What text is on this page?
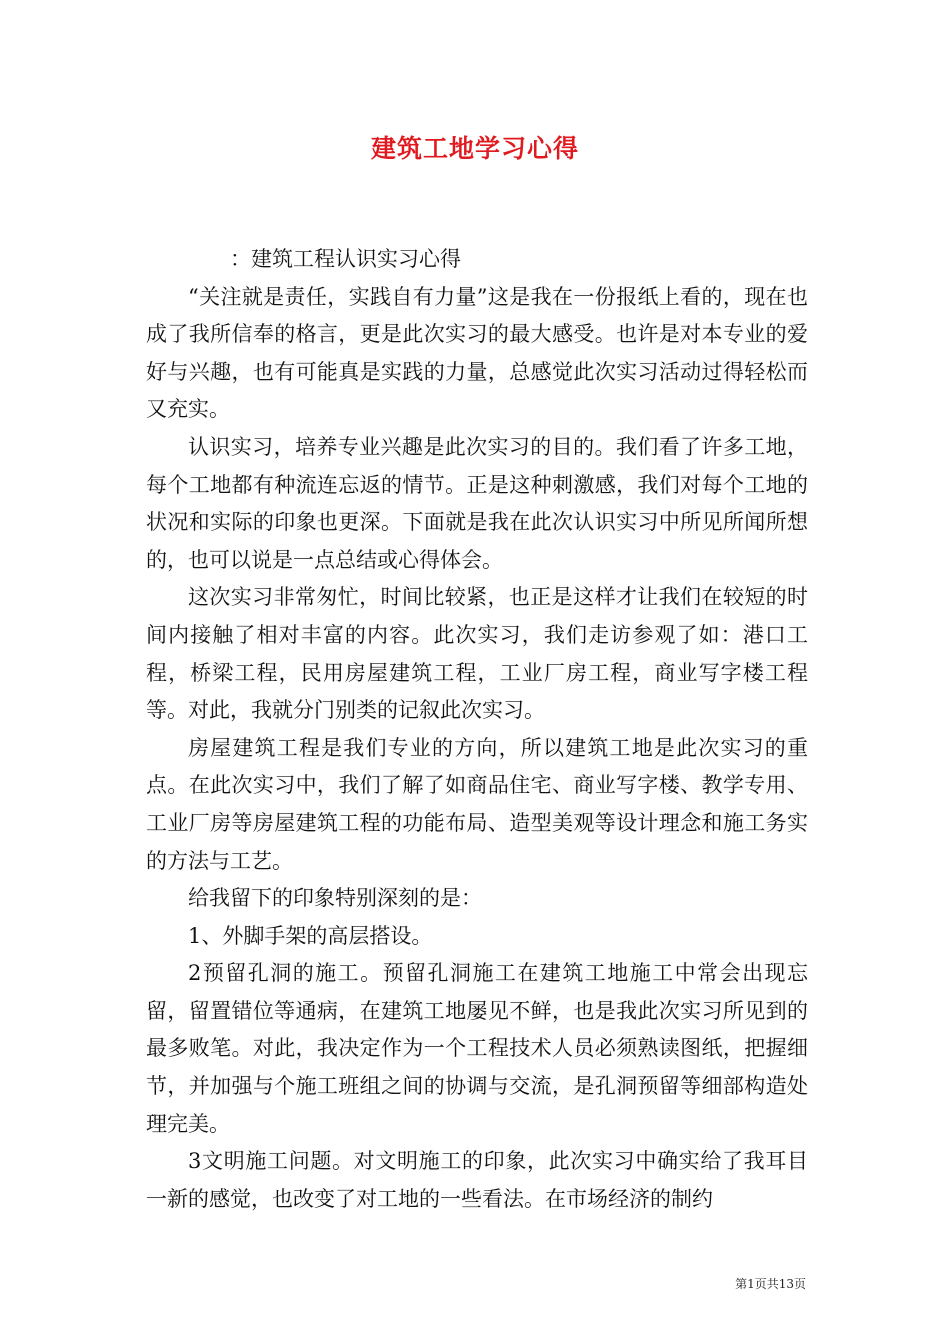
建筑工地学习心得

：建筑工程认识实习心得

“关注就是责任，实践自有力量”这是我在一份报纸上看的，现在也成了我所信奉的格言，更是此次实习的最大感受。也许是对本专业的爱好与兴趣，也有可能真是实践的力量，总感觉此次实习活动过得轻松而又充实。

认识实习，培养专业兴趣是此次实习的目的。我们看了许多工地，每个工地都有种流连忘返的情节。正是这种刺激感，我们对每个工地的状况和实际的印象也更深。下面就是我在此次认识实习中所见所闻所想的，也可以说是一点总结或心得体会。

这次实习非常匆忙，时间比较紧，也正是这样才让我们在较短的时间内接触了相对丰富的内容。此次实习，我们走访参观了如：港口工程，桥梁工程，民用房屋建筑工程，工业厂房工程，商业写字楼工程等。对此，我就分门别类的记叙此次实习。

房屋建筑工程是我们专业的方向，所以建筑工地是此次实习的重点。在此次实习中，我们了解了如商品住宅、商业写字楼、教学专用、工业厂房等房屋建筑工程的功能布局、造型美观等设计理念和施工务实的方法与工艺。

给我留下的印象特别深刻的是：

1、外脚手架的高层搭设。

2预留孔洞的施工。预留孔洞施工在建筑工地施工中常会出现忘留，留置错位等通病，在建筑工地屡见不鲜，也是我此次实习所见到的最多败笔。对此，我决定作为一个工程技术人员必须熟读图纸，把握细节，并加强与个施工班组之间的协调与交流，是孔洞预留等细部构造处理完美。

3文明施工问题。对文明施工的印象，此次实习中确实给了我耳目一新的感觉，也改变了对工地的一些看法。在市场经济的制约

第1页共13页
